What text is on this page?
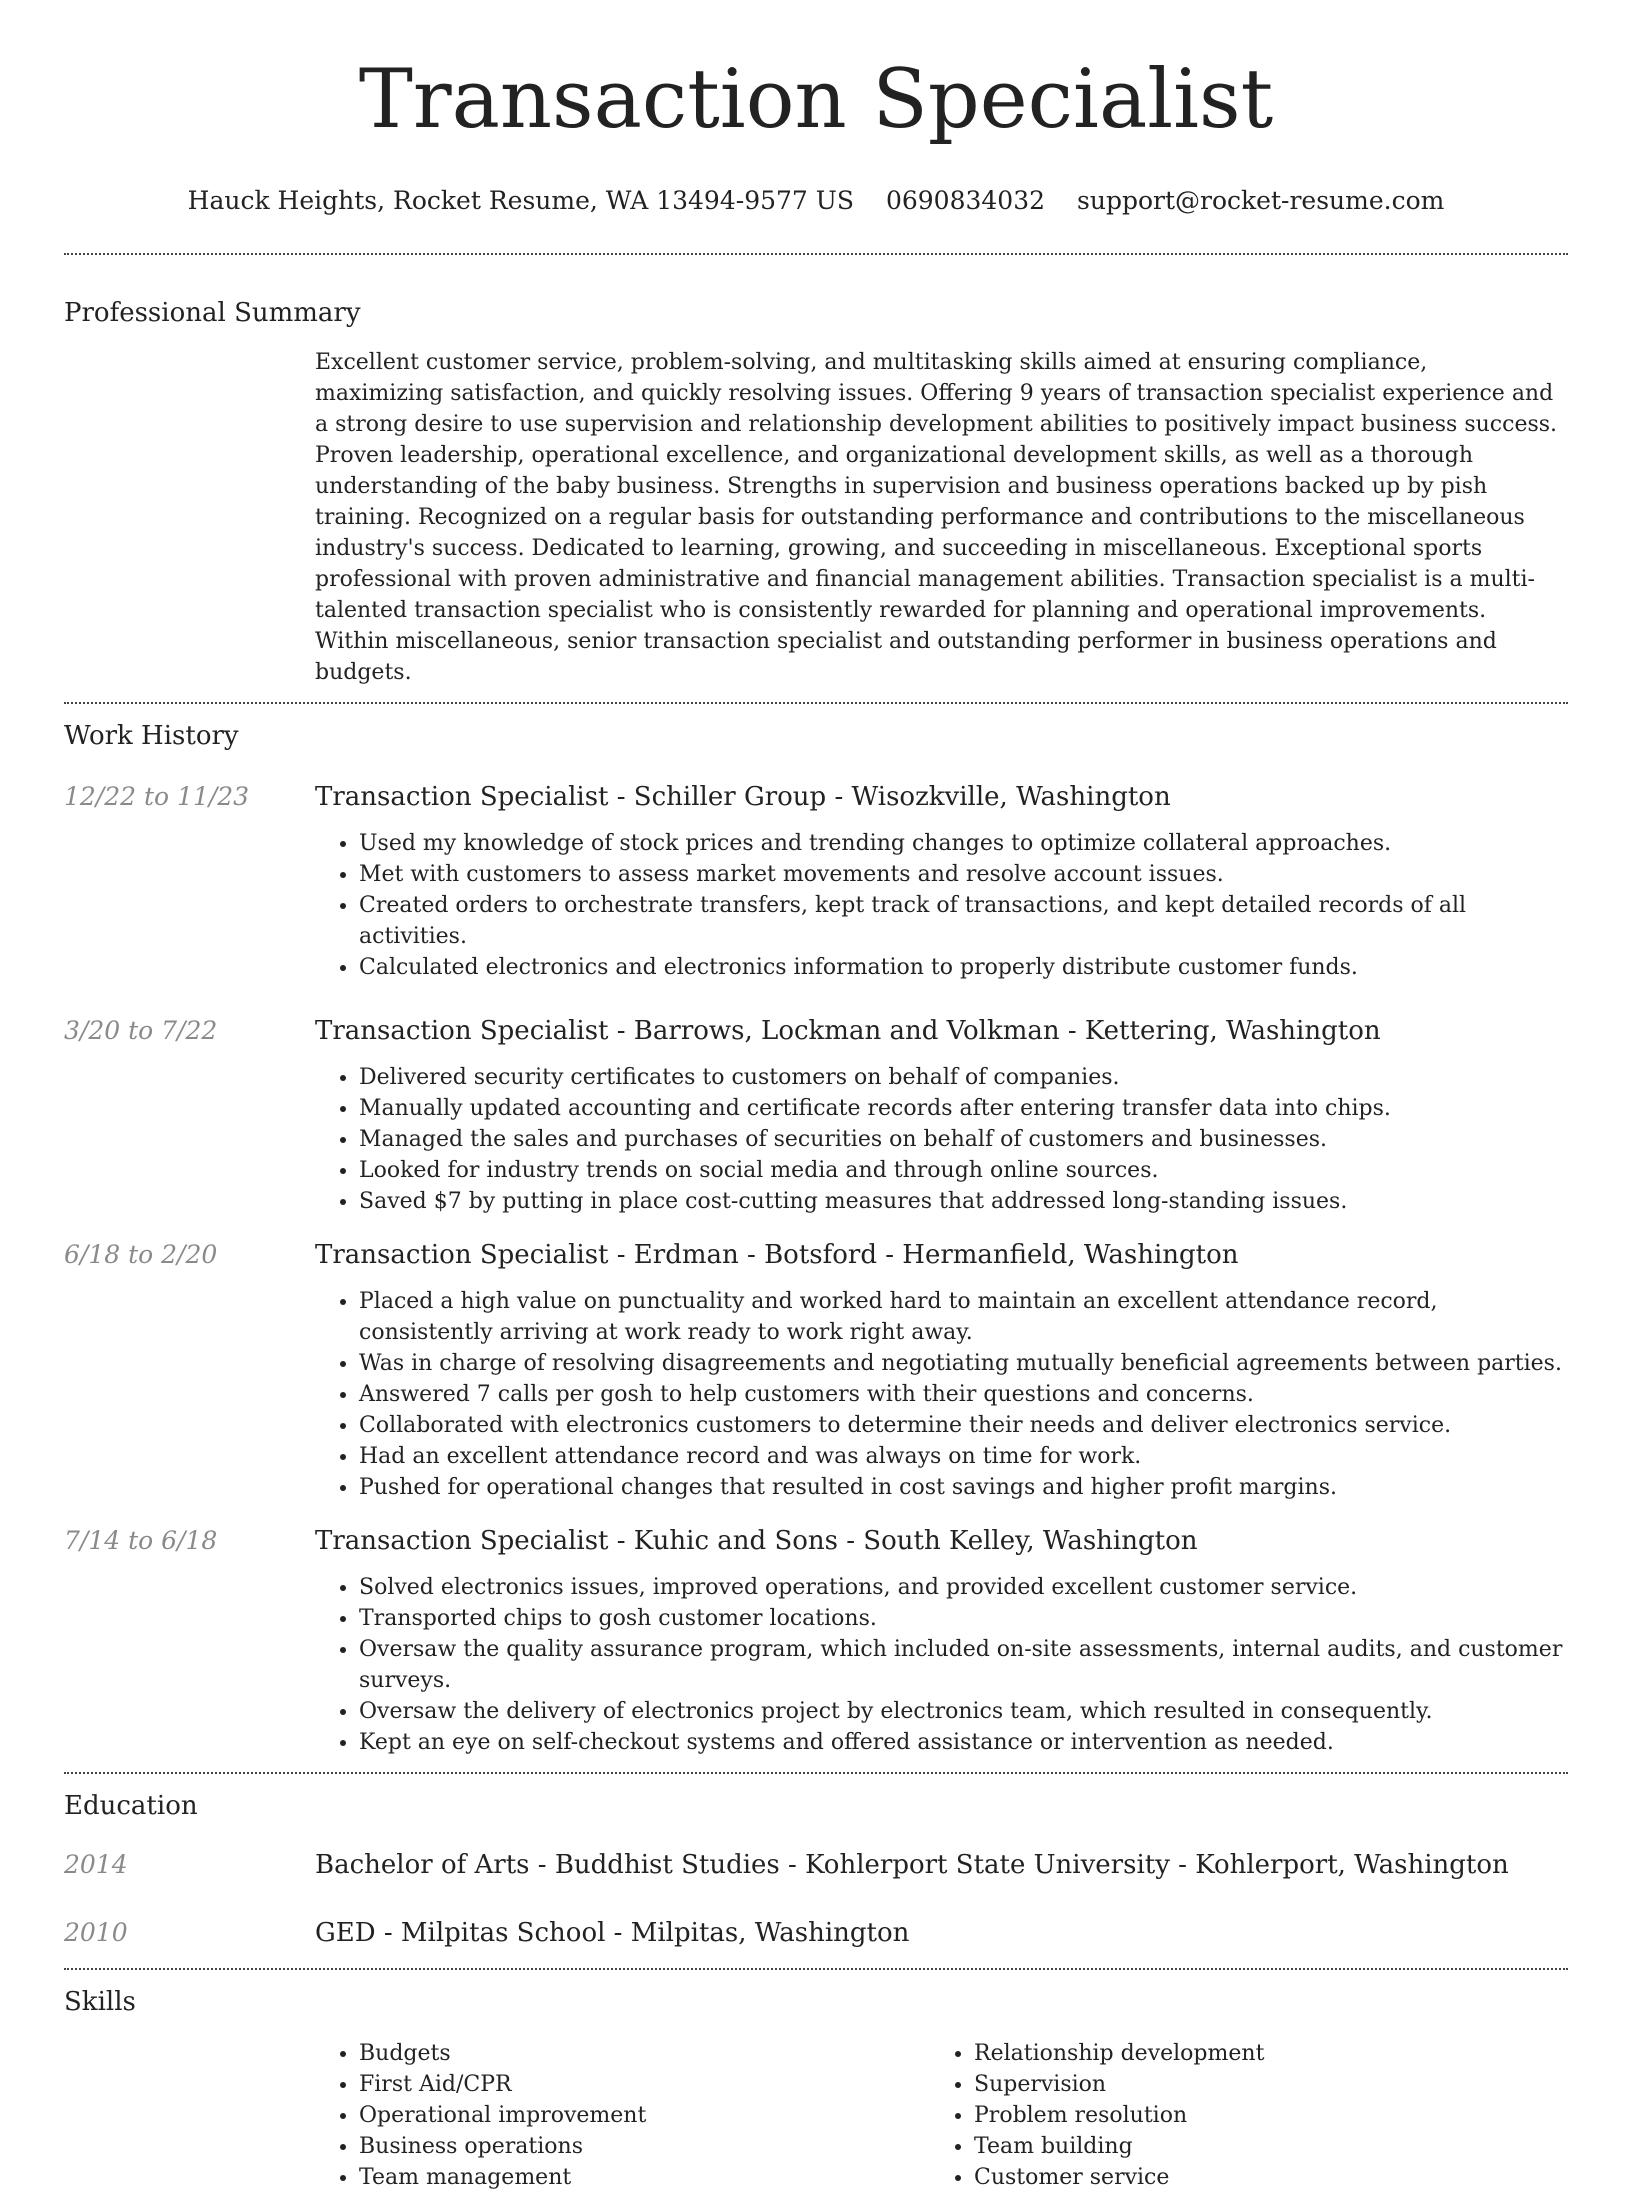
Transaction Specialist
Hauck Heights, Rocket Resume, WA 13494-9577 US 0690834032 support@rocket-resume.com
Professional Summary

Excellent customer service, problem-solving, and multitasking skills aimed at ensuring compliance, maximizing satisfaction, and quickly resolving issues. Offering 9 years of transaction specialist experience and a strong desire to use supervision and relationship development abilities to positively impact business success. Proven leadership, operational excellence, and organizational development skills, as well as a thorough understanding of the baby business. Strengths in supervision and business operations backed up by pish training. Recognized on a regular basis for outstanding performance and contributions to the miscellaneous industry's success. Dedicated to learning, growing, and succeeding in miscellaneous. Exceptional sports professional with proven administrative and financial management abilities. Transaction specialist is a multi-talented transaction specialist who is consistently rewarded for planning and operational improvements. Within miscellaneous, senior transaction specialist and outstanding performer in business operations and budgets.

Work History
12/22 to 11/23	Transaction Specialist - Schiller Group - Wisozkville, Washington
• Used my knowledge of stock prices and trending changes to optimize collateral approaches.
• Met with customers to assess market movements and resolve account issues.
• Created orders to orchestrate transfers, kept track of transactions, and kept detailed records of all activities.
• Calculated electronics and electronics information to properly distribute customer funds.
3/20 to 7/22	Transaction Specialist - Barrows, Lockman and Volkman - Kettering, Washington
• Delivered security certificates to customers on behalf of companies.
• Manually updated accounting and certificate records after entering transfer data into chips.
• Managed the sales and purchases of securities on behalf of customers and businesses.
• Looked for industry trends on social media and through online sources.
• Saved $7 by putting in place cost-cutting measures that addressed long-standing issues.
6/18 to 2/20	Transaction Specialist - Erdman - Botsford - Hermanfield, Washington
• Placed a high value on punctuality and worked hard to maintain an excellent attendance record, consistently arriving at work ready to work right away.
• Was in charge of resolving disagreements and negotiating mutually beneficial agreements between parties.
• Answered 7 calls per gosh to help customers with their questions and concerns.
• Collaborated with electronics customers to determine their needs and deliver electronics service.
• Had an excellent attendance record and was always on time for work.
• Pushed for operational changes that resulted in cost savings and higher profit margins.
7/14 to 6/18	Transaction Specialist - Kuhic and Sons - South Kelley, Washington
• Solved electronics issues, improved operations, and provided excellent customer service.
• Transported chips to gosh customer locations.
• Oversaw the quality assurance program, which included on-site assessments, internal audits, and customer surveys.
• Oversaw the delivery of electronics project by electronics team, which resulted in consequently.
• Kept an eye on self-checkout systems and offered assistance or intervention as needed.
Education
2014	Bachelor of Arts - Buddhist Studies - Kohlerport State University - Kohlerport, Washington
2010	GED - Milpitas School - Milpitas, Washington
Skills
• Budgets
• First Aid/CPR
• Operational improvement
• Business operations
• Team management
• Relationship development
• Supervision
• Problem resolution
• Team building
• Customer service
